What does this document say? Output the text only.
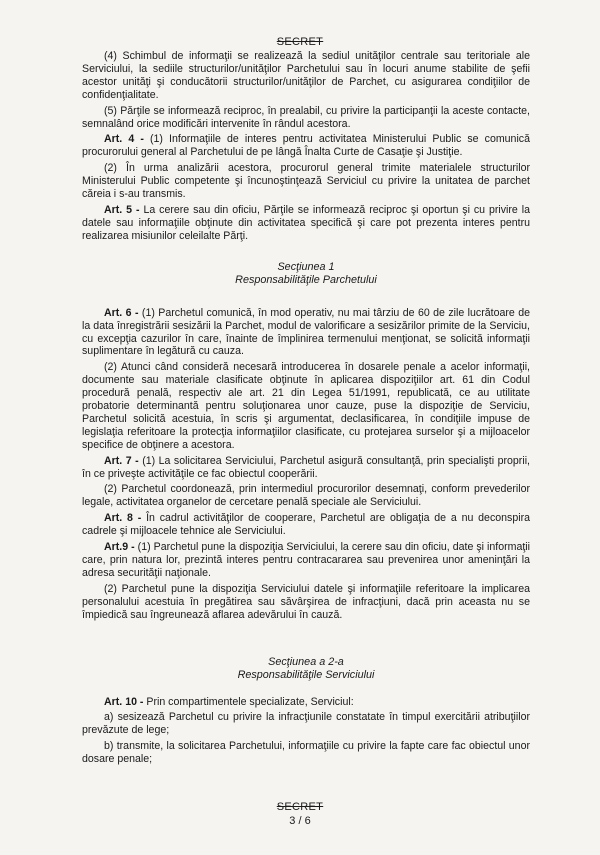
SECRET

(4) Schimbul de informaţii se realizează la sediul unităţilor centrale sau teritoriale ale Serviciului, la sediile structurilor/unităţilor Parchetului sau în locuri anume stabilite de şefii acestor unităţi şi conducătorii structurilor/unităţilor de Parchet, cu asigurarea condiţiilor de confidenţialitate.

(5) Părţile se informează reciproc, în prealabil, cu privire la participanţii la aceste contacte, semnalând orice modificări intervenite în rândul acestora.

Art. 4 - (1) Informaţiile de interes pentru activitatea Ministerului Public se comunică procurorului general al Parchetului de pe lângă Înalta Curte de Casaţie şi Justiţie.

(2) În urma analizării acestora, procurorul general trimite materialele structurilor Ministerului Public competente şi încunoştinţează Serviciul cu privire la unitatea de parchet căreia i s-au transmis.

Art. 5 - La cerere sau din oficiu, Părţile se informează reciproc şi oportun şi cu privire la datele sau informaţiile obţinute din activitatea specifică şi care pot prezenta interes pentru realizarea misiunilor celeilalte Părţi.

Secţiunea 1
Responsabilităţile Parchetului

Art. 6 - (1) Parchetul comunică, în mod operativ, nu mai târziu de 60 de zile lucrătoare de la data înregistrării sesizării la Parchet, modul de valorificare a sesizărilor primite de la Serviciu, cu excepţia cazurilor în care, înainte de împlinirea termenului menţionat, se solicită informaţii suplimentare în legătură cu cauza.

(2) Atunci când consideră necesară introducerea în dosarele penale a acelor informaţii, documente sau materiale clasificate obţinute în aplicarea dispoziţiilor art. 61 din Codul procedură penală, respectiv ale art. 21 din Legea 51/1991, republicată, ce au utilitate probatorie determinantă pentru soluţionarea unor cauze, puse la dispoziţie de Serviciu, Parchetul solicită acestuia, în scris şi argumentat, declasificarea, în condiţiile impuse de legislaţia referitoare la protecţia informaţiilor clasificate, cu protejarea surselor şi a mijloacelor specifice de obţinere a acestora.

Art. 7 - (1) La solicitarea Serviciului, Parchetul asigură consultanţă, prin specialişti proprii, în ce priveşte activităţile ce fac obiectul cooperării.

(2) Parchetul coordonează, prin intermediul procurorilor desemnaţi, conform prevederilor legale, activitatea organelor de cercetare penală speciale ale Serviciului.

Art. 8 - În cadrul activităţilor de cooperare, Parchetul are obligaţia de a nu deconspira cadrele şi mijloacele tehnice ale Serviciului.

Art.9 - (1) Parchetul pune la dispoziţia Serviciului, la cerere sau din oficiu, date şi informaţii care, prin natura lor, prezintă interes pentru contracararea sau prevenirea unor ameninţări la adresa securităţii naţionale.

(2) Parchetul pune la dispoziţia Serviciului datele şi informaţiile referitoare la implicarea personalului acestuia în pregătirea sau săvârşirea de infracţiuni, dacă prin aceasta nu se împiedică sau îngreunează aflarea adevărului în cauză.

Secţiunea a 2-a
Responsabilităţile Serviciului

Art. 10 - Prin compartimentele specializate, Serviciul:

a) sesizează Parchetul cu privire la infracţiunile constatate în timpul exercitării atribuţiilor prevăzute de lege;

b) transmite, la solicitarea Parchetului, informaţiile cu privire la fapte care fac obiectul unor dosare penale;

SECRET
3 / 6
